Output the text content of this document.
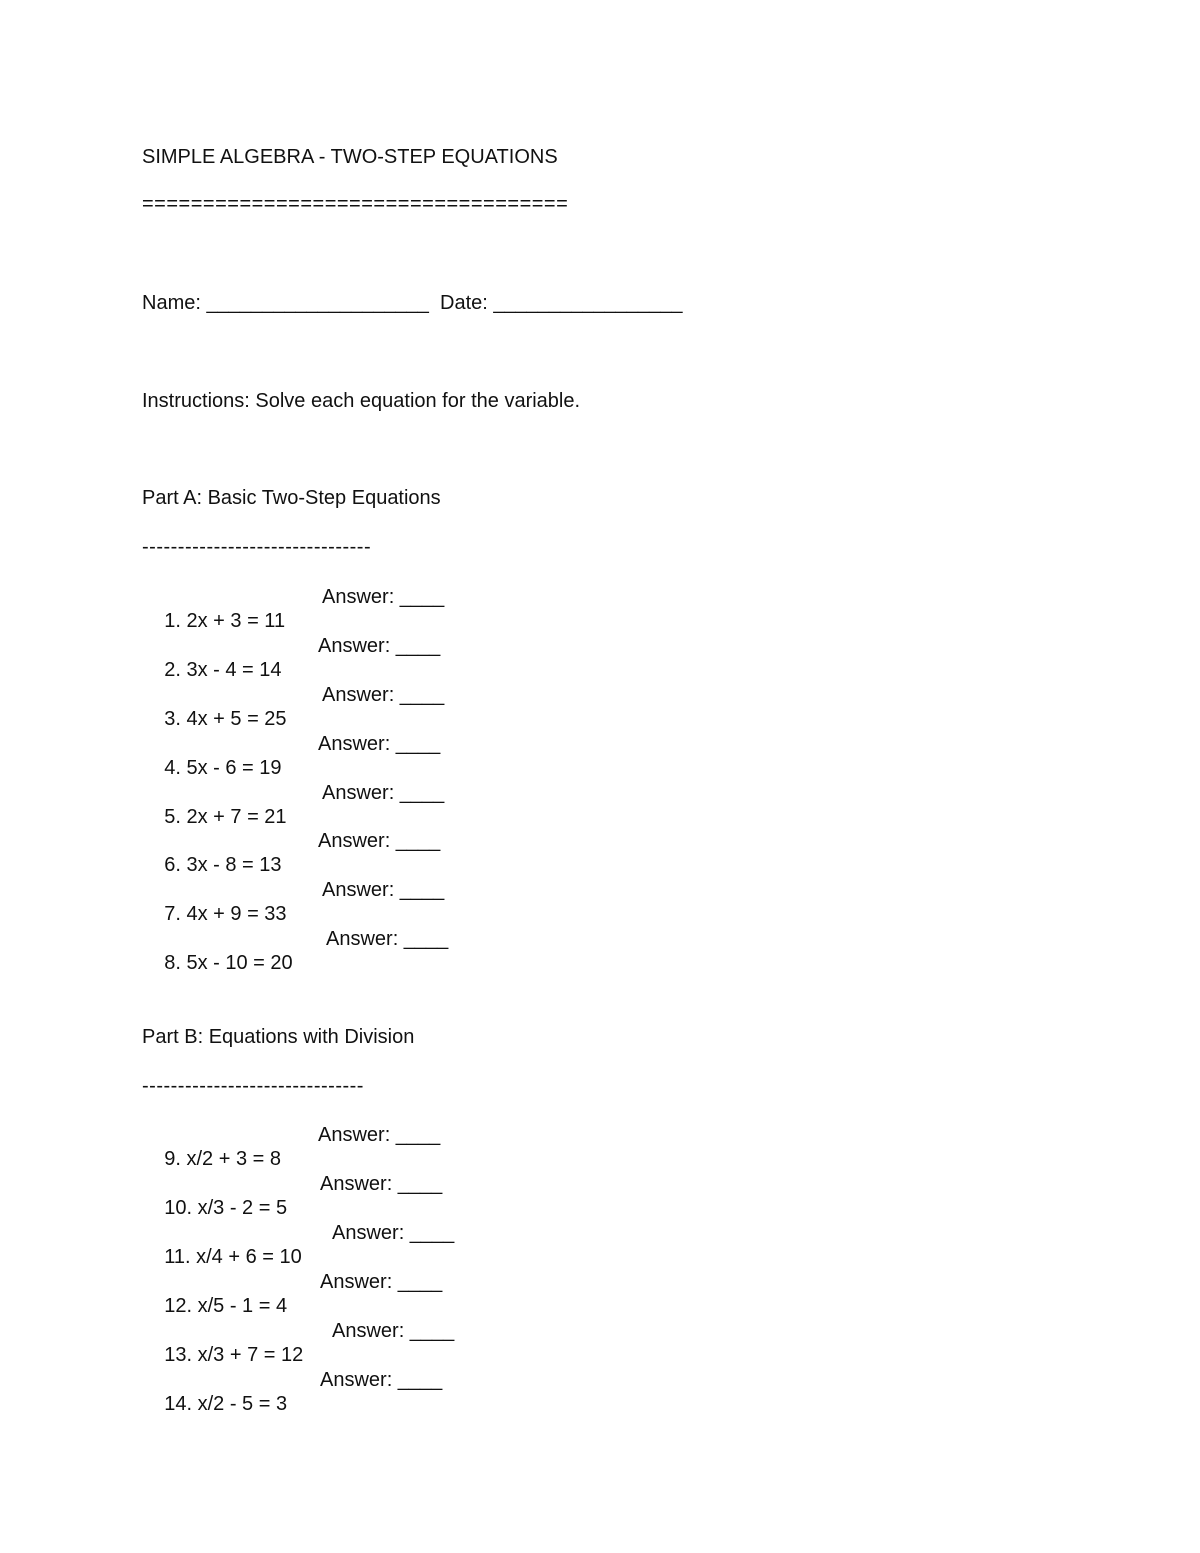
SIMPLE ALGEBRA - TWO-STEP EQUATIONS
===================================
Name: ____________________  Date: _________________
Instructions: Solve each equation for the variable.
Part A: Basic Two-Step Equations
--------------------------------

1. 2x + 3 = 11
Answer: ____

2. 3x - 4 = 14
Answer: ____

3. 4x + 5 = 25
Answer: ____

4. 5x - 6 = 19
Answer: ____

5. 2x + 7 = 21
Answer: ____

6. 3x - 8 = 13
Answer: ____

7. 4x + 9 = 33
Answer: ____

8. 5x - 10 = 20
Answer: ____

Part B: Equations with Division
-------------------------------

9. x/2 + 3 = 8
Answer: ____

10. x/3 - 2 = 5
Answer: ____

11. x/4 + 6 = 10
Answer: ____

12. x/5 - 1 = 4
Answer: ____

13. x/3 + 7 = 12
Answer: ____

14. x/2 - 5 = 3
Answer: ____
